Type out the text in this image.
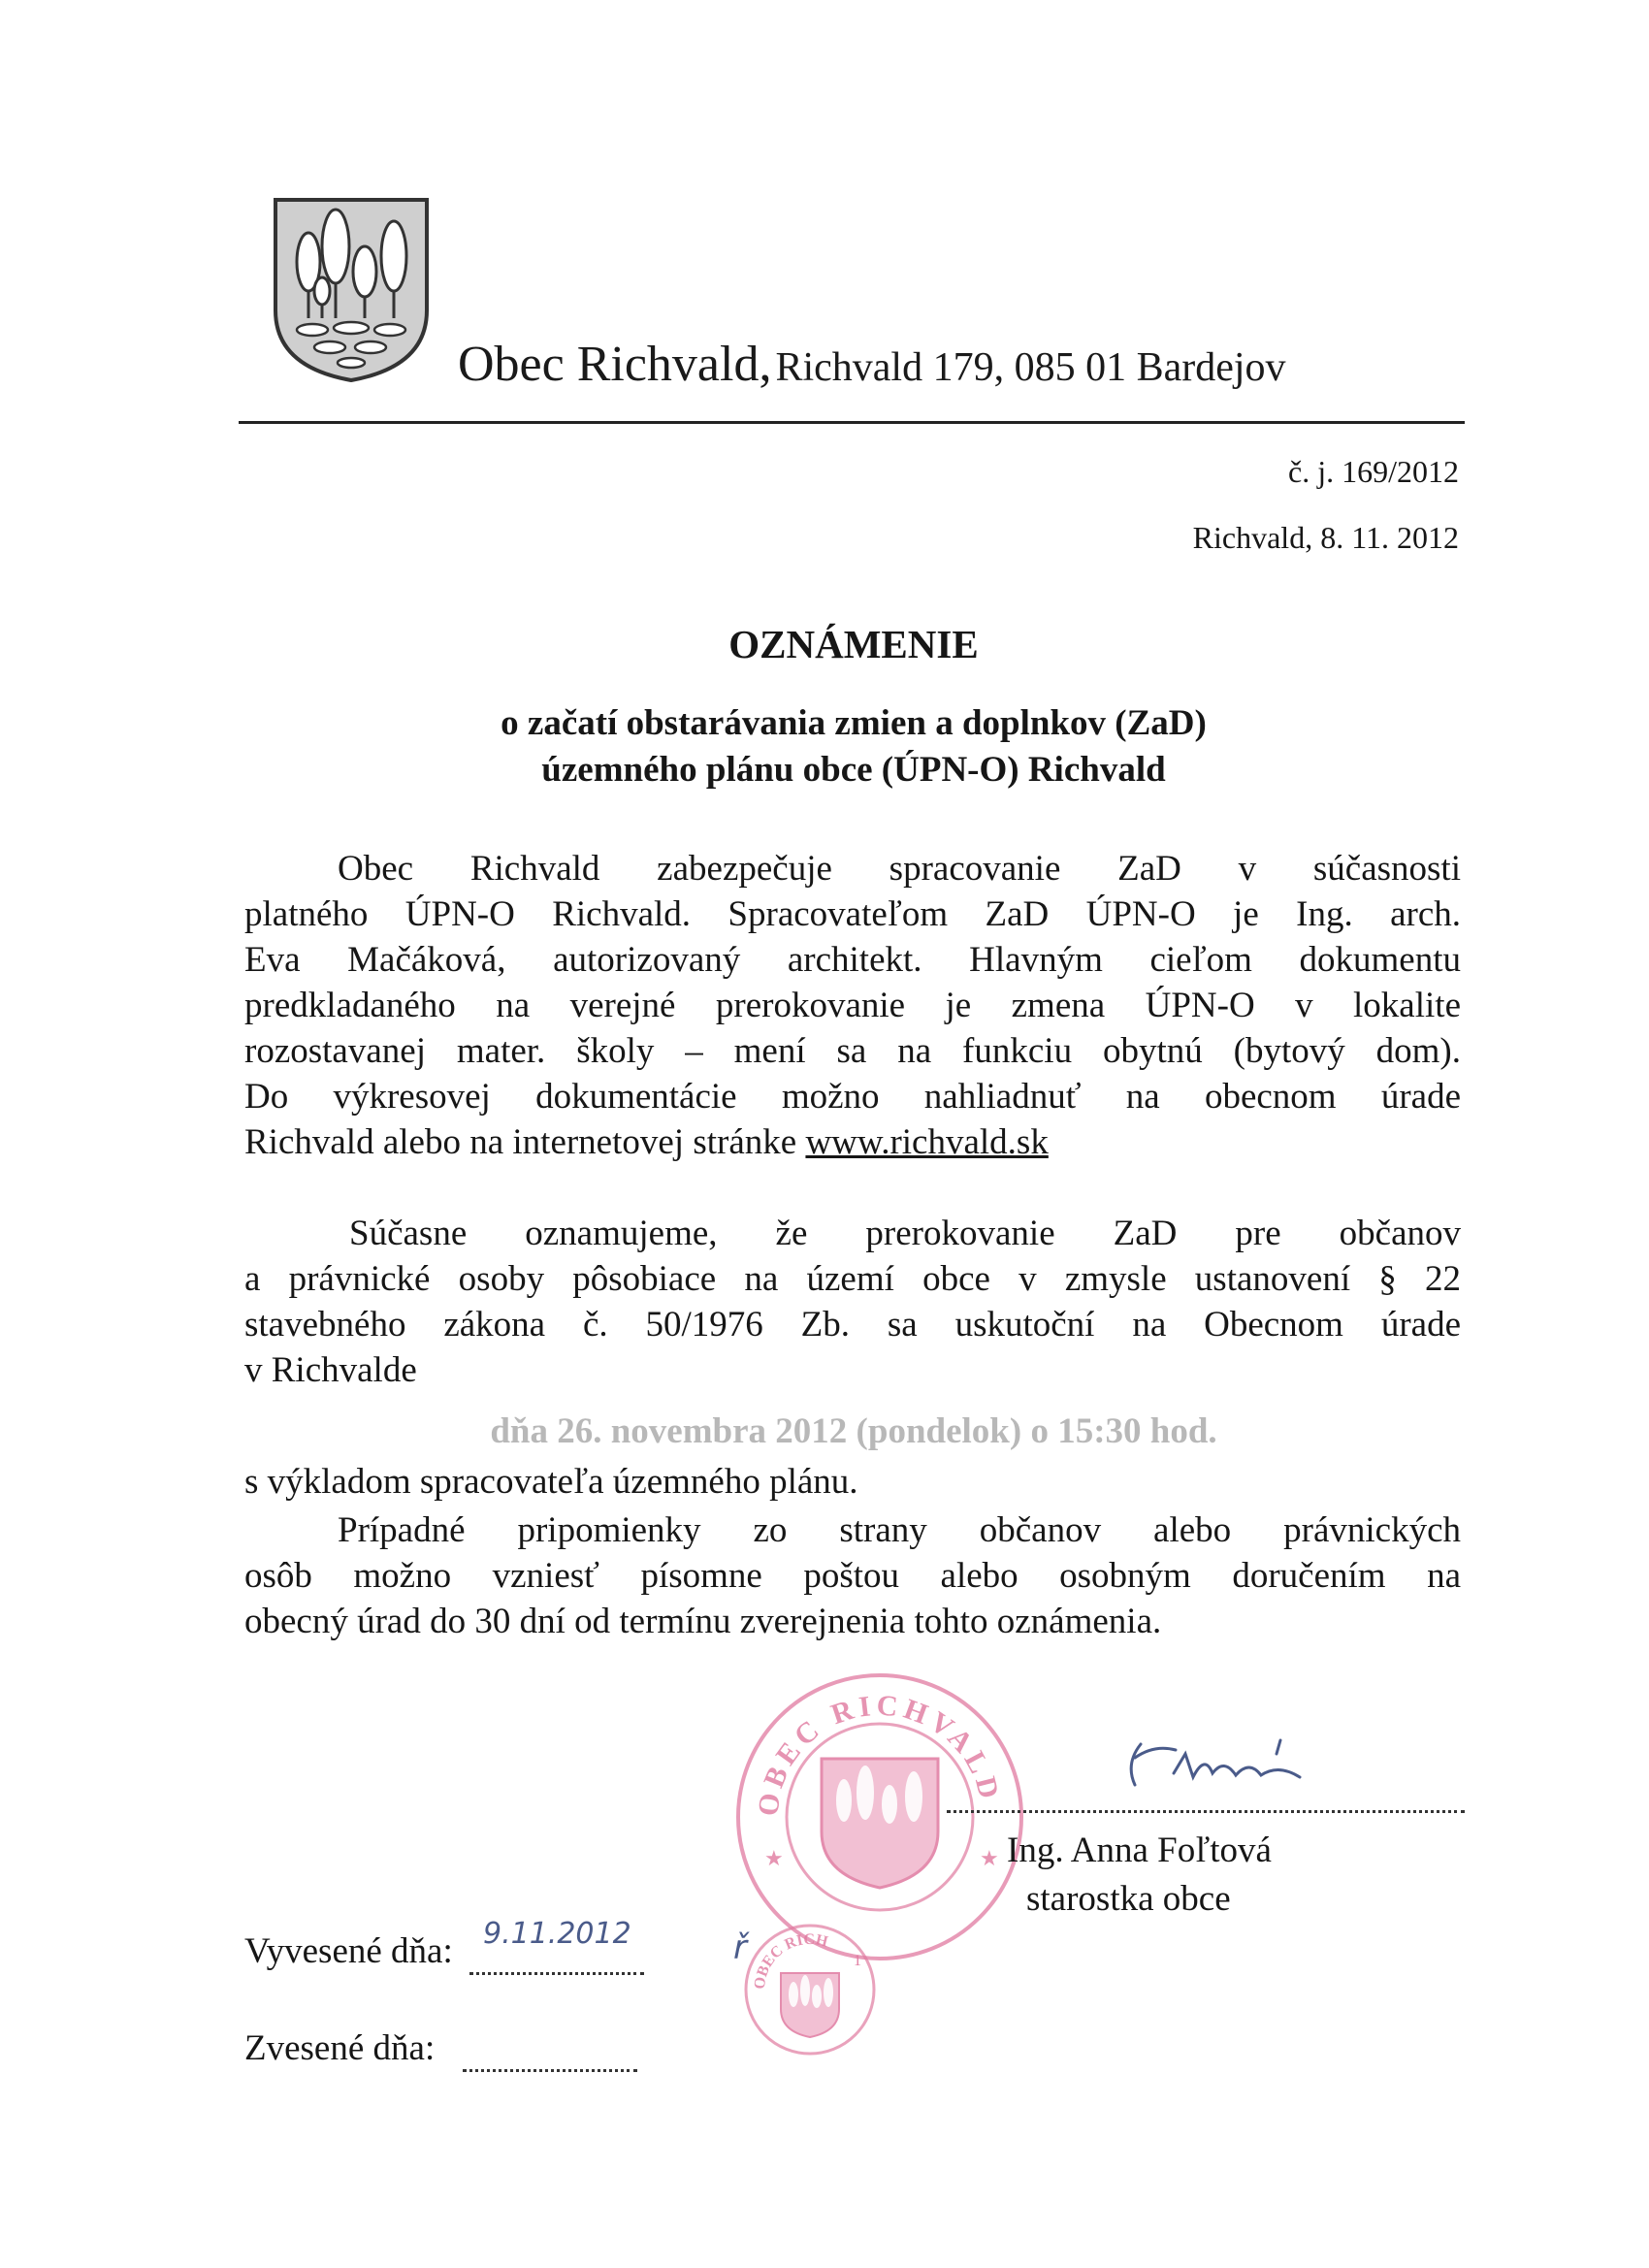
Obec Richvald, Richvald 179, 085 01 Bardejov
č. j. 169/2012
Richvald, 8. 11. 2012
OZNÁMENIE
o začatí obstarávania zmien a doplnkov (ZaD)
územného plánu obce (ÚPN-O) Richvald
Obec Richvald zabezpečuje spracovanie ZaD v súčasnosti
platného ÚPN-O Richvald. Spracovateľom ZaD ÚPN-O je Ing. arch.
Eva Mačáková, autorizovaný architekt. Hlavným cieľom dokumentu
predkladaného na verejné prerokovanie je zmena ÚPN-O v lokalite
rozostavanej mater. školy – mení sa na funkciu obytnú (bytový dom).
Do výkresovej dokumentácie možno nahliadnuť na obecnom úrade
Richvald alebo na internetovej stránke www.richvald.sk
Súčasne oznamujeme, že prerokovanie ZaD pre občanov
a právnické osoby pôsobiace na území obce v zmysle ustanovení § 22
stavebného zákona č. 50/1976 Zb. sa uskutoční na Obecnom úrade
v Richvalde
dňa 26. novembra 2012 (pondelok) o 15:30 hod.
s výkladom spracovateľa územného plánu.
Prípadné pripomienky zo strany občanov alebo právnických
osôb možno vzniesť písomne poštou alebo osobným doručením na
obecný úrad do 30 dní od termínu zverejnenia tohto oznámenia.
OBEC RICHVALD
★	★ Ing. Anna Foľtová
starostka obce
OBEC RICH
1
ř
Vyvesené dňa: 9.11.2012

Zvesené dňa:
